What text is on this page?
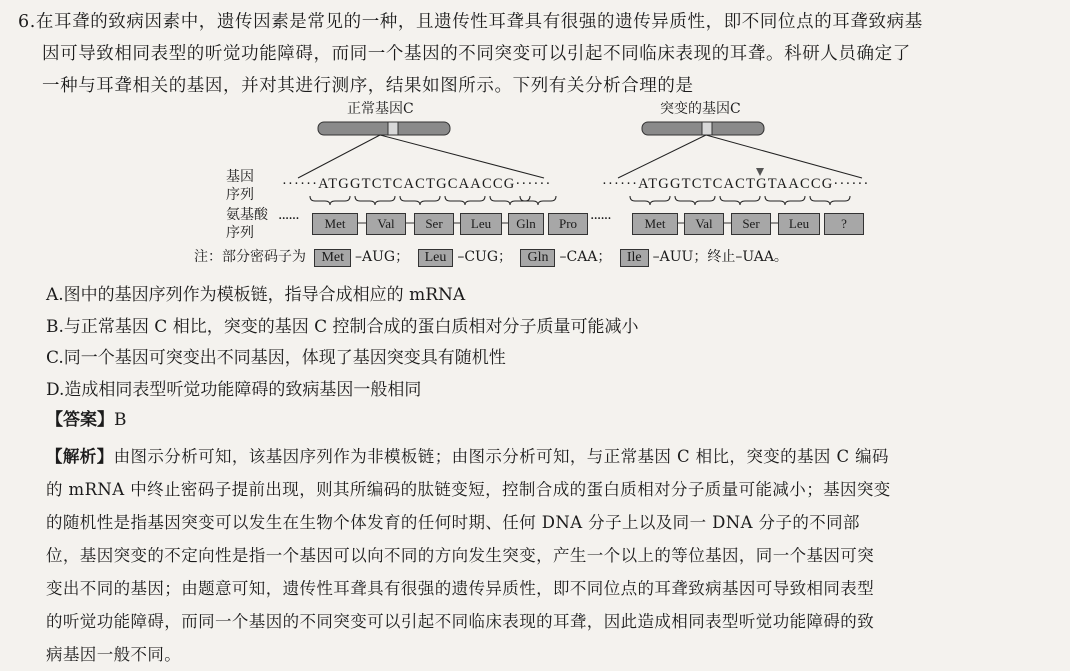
6.在耳聋的致病因素中，遗传因素是常见的一种，且遗传性耳聋具有很强的遗传异质性，即不同位点的耳聋致病基
因可导致相同表型的听觉功能障碍，而同一个基因的不同突变可以引起不同临床表现的耳聋。科研人员确定了
一种与耳聋相关的基因，并对其进行测序，结果如图所示。下列有关分析合理的是
正常基因C	突变的基因C
基因
序列
氨基酸
序列
······
······ATGGTCTCACTGCAACCG······	······ATGGTCTCACTGTAACCG······
Met	Val	Ser	Leu	Gln	Pro ······	Met	Val	Ser	Leu	?
注：部分密码子为 Met –AUG； Leu –CUG； Gln –CAA； Ile –AUU；终止–UAA。
A.图中的基因序列作为模板链，指导合成相应的 mRNA
B.与正常基因 C 相比，突变的基因 C 控制合成的蛋白质相对分子质量可能减小
C.同一个基因可突变出不同基因，体现了基因突变具有随机性
D.造成相同表型听觉功能障碍的致病基因一般相同
【答案】B
【解析】由图示分析可知，该基因序列作为非模板链；由图示分析可知，与正常基因 C 相比，突变的基因 C 编码
的 mRNA 中终止密码子提前出现，则其所编码的肽链变短，控制合成的蛋白质相对分子质量可能减小；基因突变
的随机性是指基因突变可以发生在生物个体发育的任何时期、任何 DNA 分子上以及同一 DNA 分子的不同部
位，基因突变的不定向性是指一个基因可以向不同的方向发生突变，产生一个以上的等位基因，同一个基因可突
变出不同的基因；由题意可知，遗传性耳聋具有很强的遗传异质性，即不同位点的耳聋致病基因可导致相同表型
的听觉功能障碍，而同一个基因的不同突变可以引起不同临床表现的耳聋，因此造成相同表型听觉功能障碍的致
病基因一般不同。
